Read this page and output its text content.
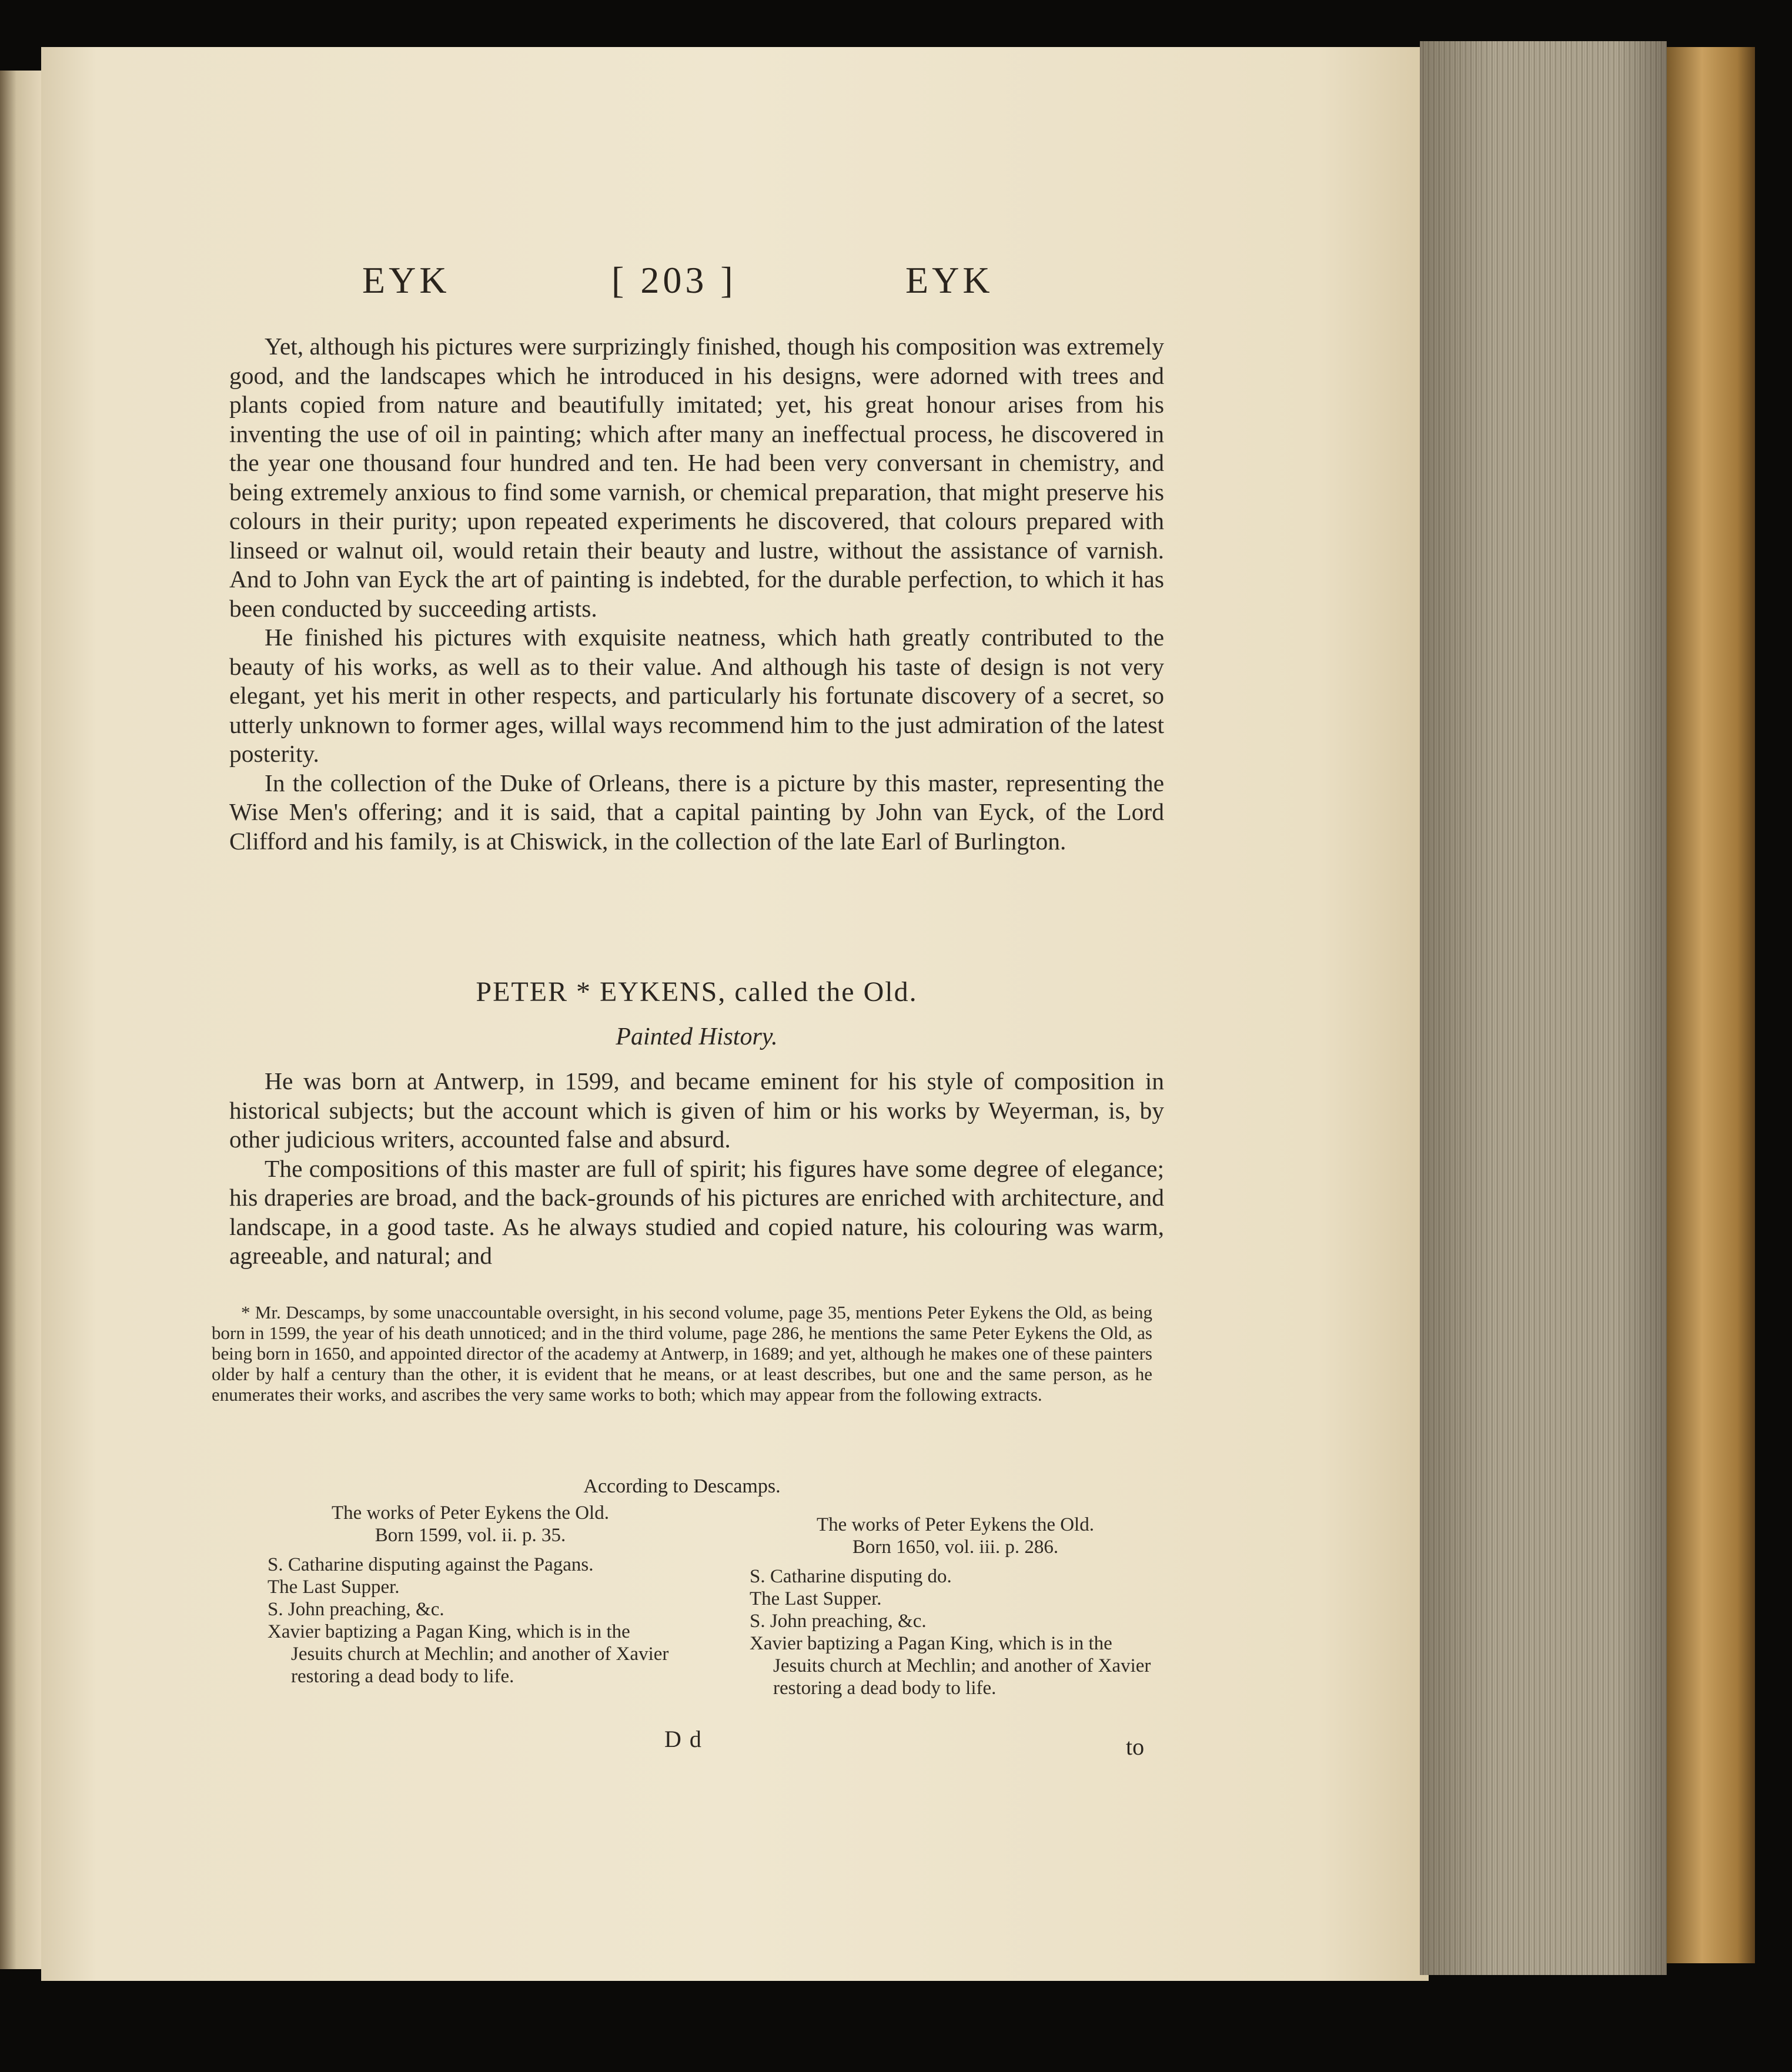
EYK	[ 203 ]	EYK

Yet, although his pictures were surprizingly finished, though his composition was extremely good, and the landscapes which he introduced in his designs, were adorned with trees and plants copied from nature and beautifully imitated; yet, his great honour arises from his inventing the use of oil in painting; which after many an ineffectual process, he discovered in the year one thousand four hundred and ten. He had been very conversant in chemistry, and being extremely anxious to find some varnish, or chemical preparation, that might preserve his colours in their purity; upon repeated experiments he discovered, that colours prepared with linseed or walnut oil, would retain their beauty and lustre, without the assistance of varnish. And to John van Eyck the art of painting is indebted, for the durable perfection, to which it has been conducted by succeeding artists.

He finished his pictures with exquisite neatness, which hath greatly contributed to the beauty of his works, as well as to their value. And although his taste of design is not very elegant, yet his merit in other respects, and particularly his fortunate discovery of a secret, so utterly unknown to former ages, willal ways recommend him to the just admiration of the latest posterity.

In the collection of the Duke of Orleans, there is a picture by this master, representing the Wise Men's offering; and it is said, that a capital painting by John van Eyck, of the Lord Clifford and his family, is at Chiswick, in the collection of the late Earl of Burlington.

PETER * EYKENS, called the Old.
Painted History.

He was born at Antwerp, in 1599, and became eminent for his style of composition in historical subjects; but the account which is given of him or his works by Weyerman, is, by other judicious writers, accounted false and absurd.

The compositions of this master are full of spirit; his figures have some degree of elegance; his draperies are broad, and the back-grounds of his pictures are enriched with architecture, and landscape, in a good taste. As he always studied and copied nature, his colouring was warm, agreeable, and natural; and

* Mr. Descamps, by some unaccountable oversight, in his second volume, page 35, mentions Peter Eykens the Old, as being born in 1599, the year of his death unnoticed; and in the third volume, page 286, he mentions the same Peter Eykens the Old, as being born in 1650, and appointed director of the academy at Antwerp, in 1689; and yet, although he makes one of these painters older by half a century than the other, it is evident that he means, or at least describes, but one and the same person, as he enumerates their works, and ascribes the very same works to both; which may appear from the following extracts.

According to Descamps.

The works of Peter Eykens the Old.

Born 1599, vol. ii. p. 35.

S. Catharine disputing against the Pagans.
The Last Supper.
S. John preaching, &c.
Xavier baptizing a Pagan King, which is in the Jesuits church at Mechlin; and another of Xavier restoring a dead body to life.

The works of Peter Eykens the Old.

Born 1650, vol. iii. p. 286.

S. Catharine disputing do.
The Last Supper.
S. John preaching, &c.
Xavier baptizing a Pagan King, which is in the Jesuits church at Mechlin; and another of Xavier restoring a dead body to life.
Dd	to
